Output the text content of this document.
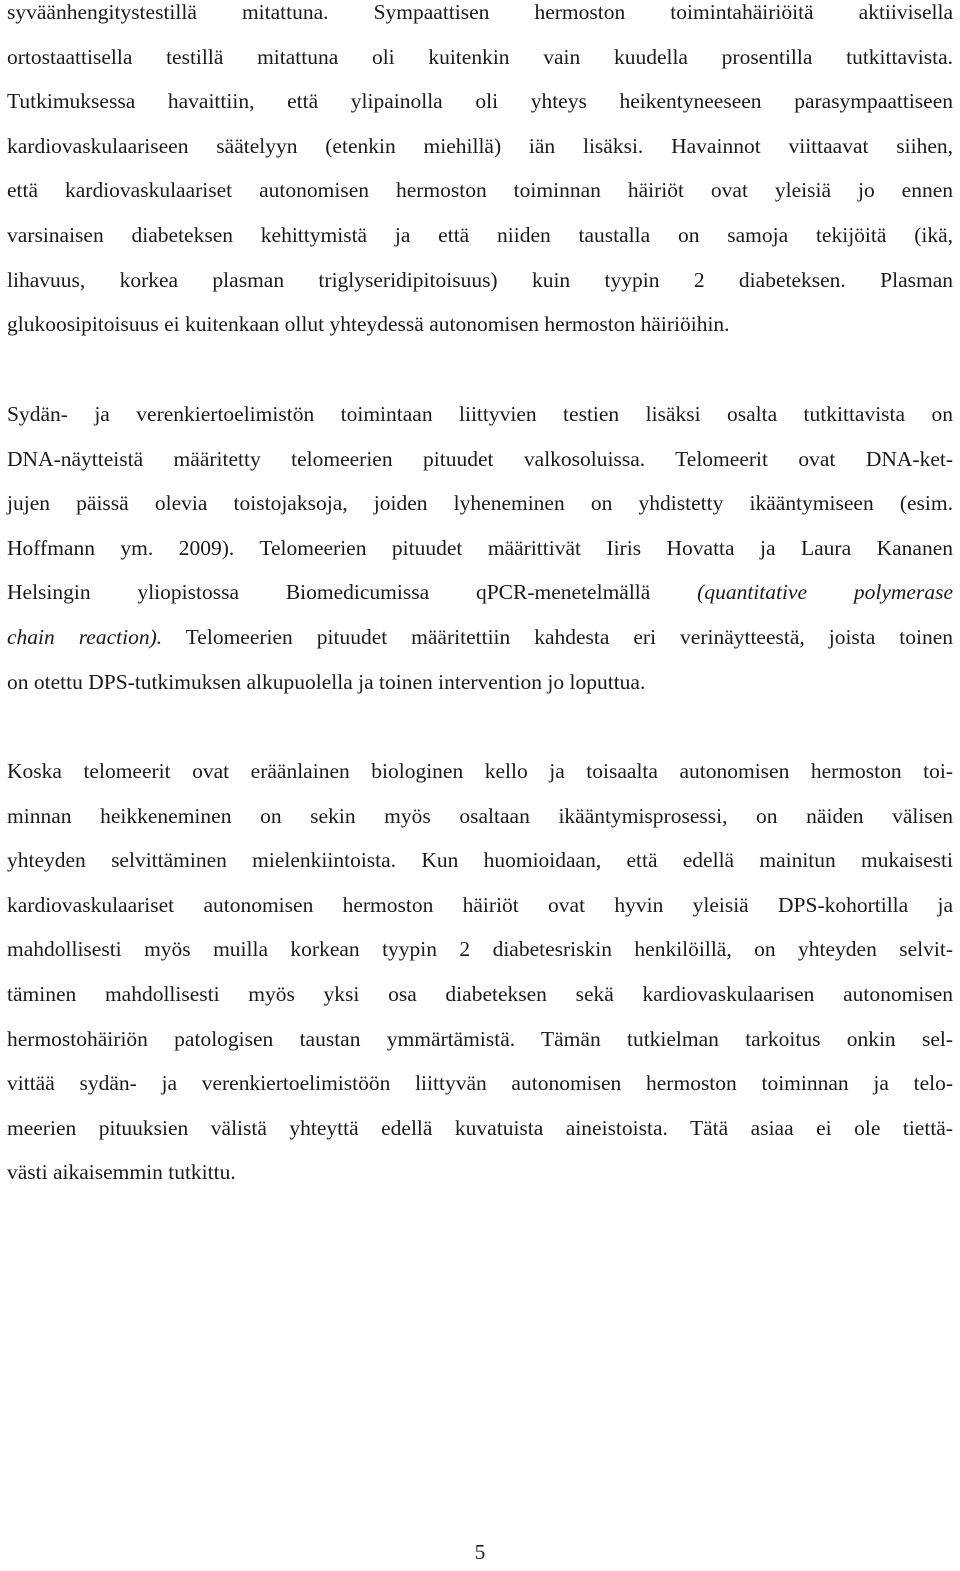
syväänhengitystestillä mitattuna. Sympaattisen hermoston toimintahäiriöitä aktiivisella
ortostaattisella testillä mitattuna oli kuitenkin vain kuudella prosentilla tutkittavista.
Tutkimuksessa havaittiin, että ylipainolla oli yhteys heikentyneeseen parasympaattiseen
kardiovaskulaariseen säätelyyn (etenkin miehillä) iän lisäksi. Havainnot viittaavat siihen,
että kardiovaskulaariset autonomisen hermoston toiminnan häiriöt ovat yleisiä jo ennen
varsinaisen diabeteksen kehittymistä ja että niiden taustalla on samoja tekijöitä (ikä,
lihavuus, korkea plasman triglyseridipitoisuus) kuin tyypin 2 diabeteksen. Plasman
glukoosipitoisuus ei kuitenkaan ollut yhteydessä autonomisen hermoston häiriöihin.
Sydän- ja verenkiertoelimistön toimintaan liittyvien testien lisäksi osalta tutkittavista on
DNA-näytteistä määritetty telomeerien pituudet valkosoluissa. Telomeerit ovat DNA-ket-
jujen päissä olevia toistojaksoja, joiden lyheneminen on yhdistetty ikääntymiseen (esim.
Hoffmann ym. 2009). Telomeerien pituudet määrittivät Iiris Hovatta ja Laura Kananen
Helsingin yliopistossa Biomedicumissa qPCR-menetelmällä (quantitative polymerase
chain reaction). Telomeerien pituudet määritettiin kahdesta eri verinäytteestä, joista toinen
on otettu DPS-tutkimuksen alkupuolella ja toinen intervention jo loputtua.
Koska telomeerit ovat eräänlainen biologinen kello ja toisaalta autonomisen hermoston toi-
minnan heikkeneminen on sekin myös osaltaan ikääntymisprosessi, on näiden välisen
yhteyden selvittäminen mielenkiintoista. Kun huomioidaan, että edellä mainitun mukaisesti
kardiovaskulaariset autonomisen hermoston häiriöt ovat hyvin yleisiä DPS-kohortilla ja
mahdollisesti myös muilla korkean tyypin 2 diabetesriskin henkilöillä, on yhteyden selvit-
täminen mahdollisesti myös yksi osa diabeteksen sekä kardiovaskulaarisen autonomisen
hermostohäiriön patologisen taustan ymmärtämistä. Tämän tutkielman tarkoitus onkin sel-
vittää sydän- ja verenkiertoelimistöön liittyvän autonomisen hermoston toiminnan ja telo-
meerien pituuksien välistä yhteyttä edellä kuvatuista aineistoista. Tätä asiaa ei ole tiettä-
västi aikaisemmin tutkittu.
5
